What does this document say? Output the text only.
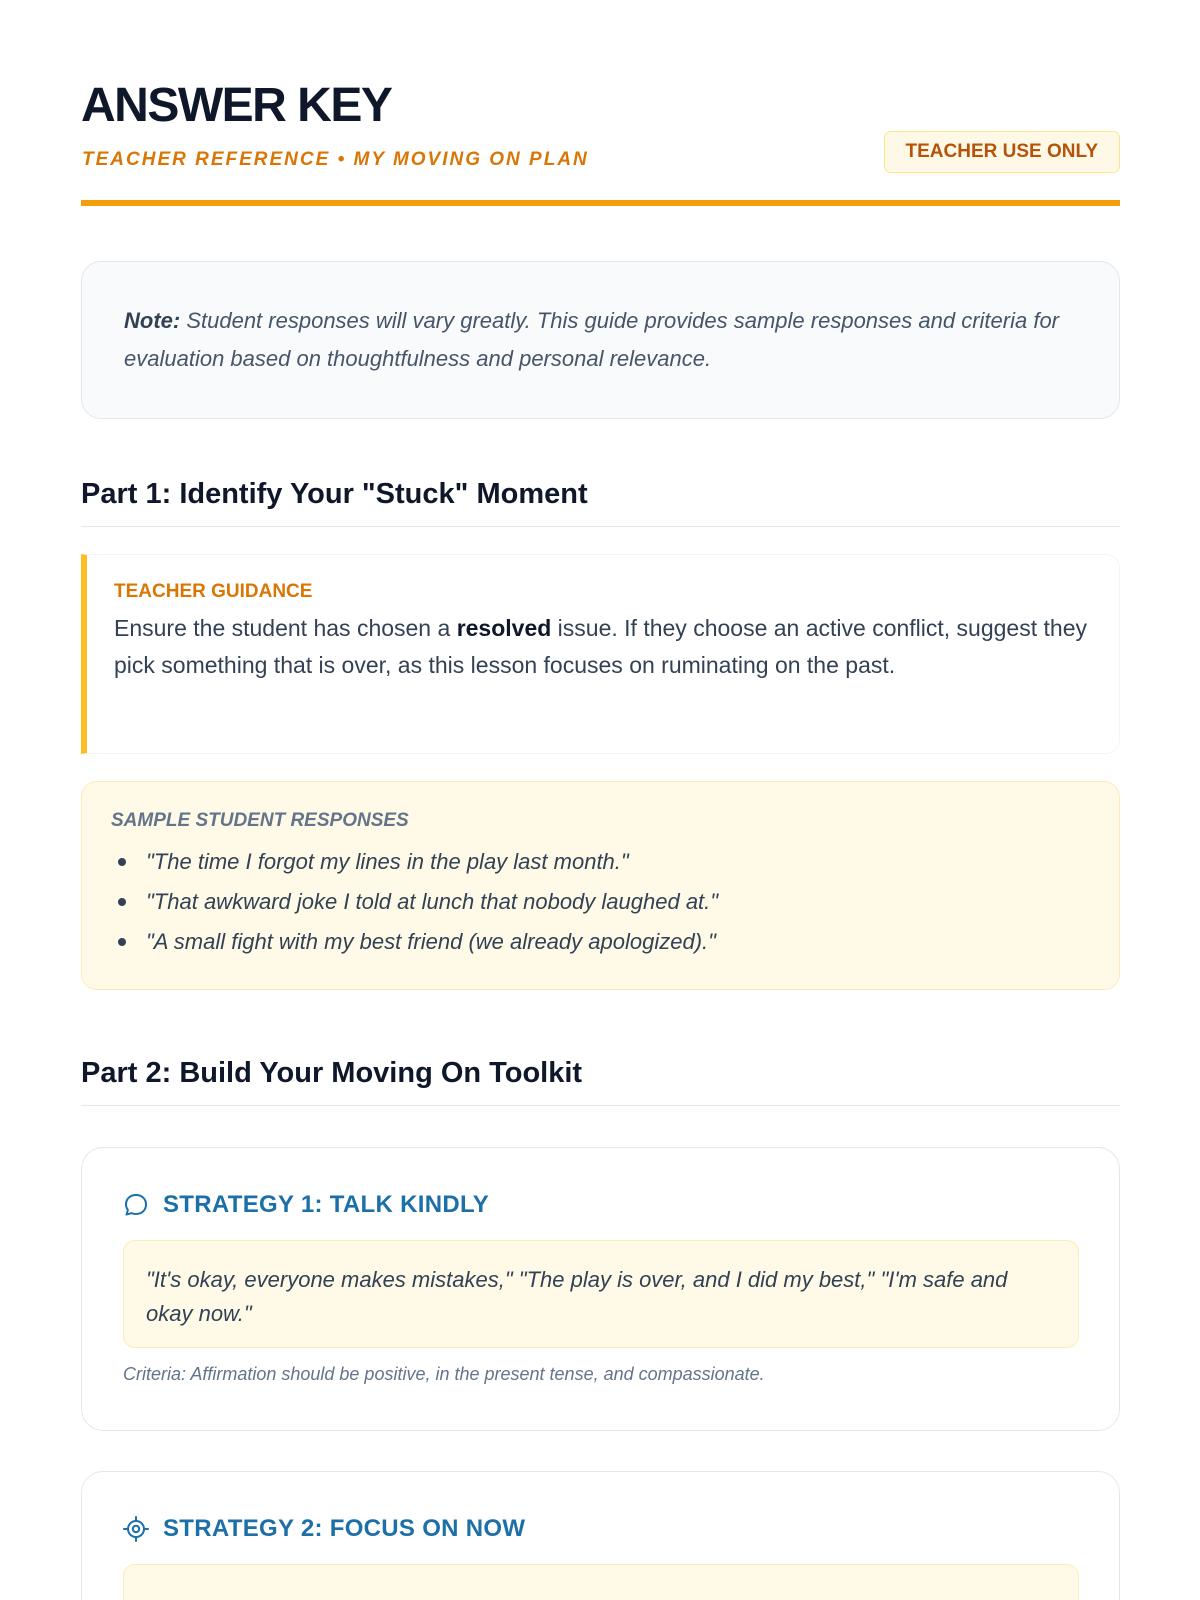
ANSWER KEY
TEACHER REFERENCE • MY MOVING ON PLAN	TEACHER USE ONLY
Note: Student responses will vary greatly. This guide provides sample responses and criteria for evaluation based on thoughtfulness and personal relevance.
Part 1: Identify Your "Stuck" Moment
TEACHER GUIDANCE
Ensure the student has chosen a resolved issue. If they choose an active conflict, suggest they pick something that is over, as this lesson focuses on ruminating on the past.
SAMPLE STUDENT RESPONSES
"The time I forgot my lines in the play last month."
"That awkward joke I told at lunch that nobody laughed at."
"A small fight with my best friend (we already apologized)."
Part 2: Build Your Moving On Toolkit
STRATEGY 1: TALK KINDLY
"It's okay, everyone makes mistakes," "The play is over, and I did my best," "I'm safe and okay now."
Criteria: Affirmation should be positive, in the present tense, and compassionate.
STRATEGY 2: FOCUS ON NOW
